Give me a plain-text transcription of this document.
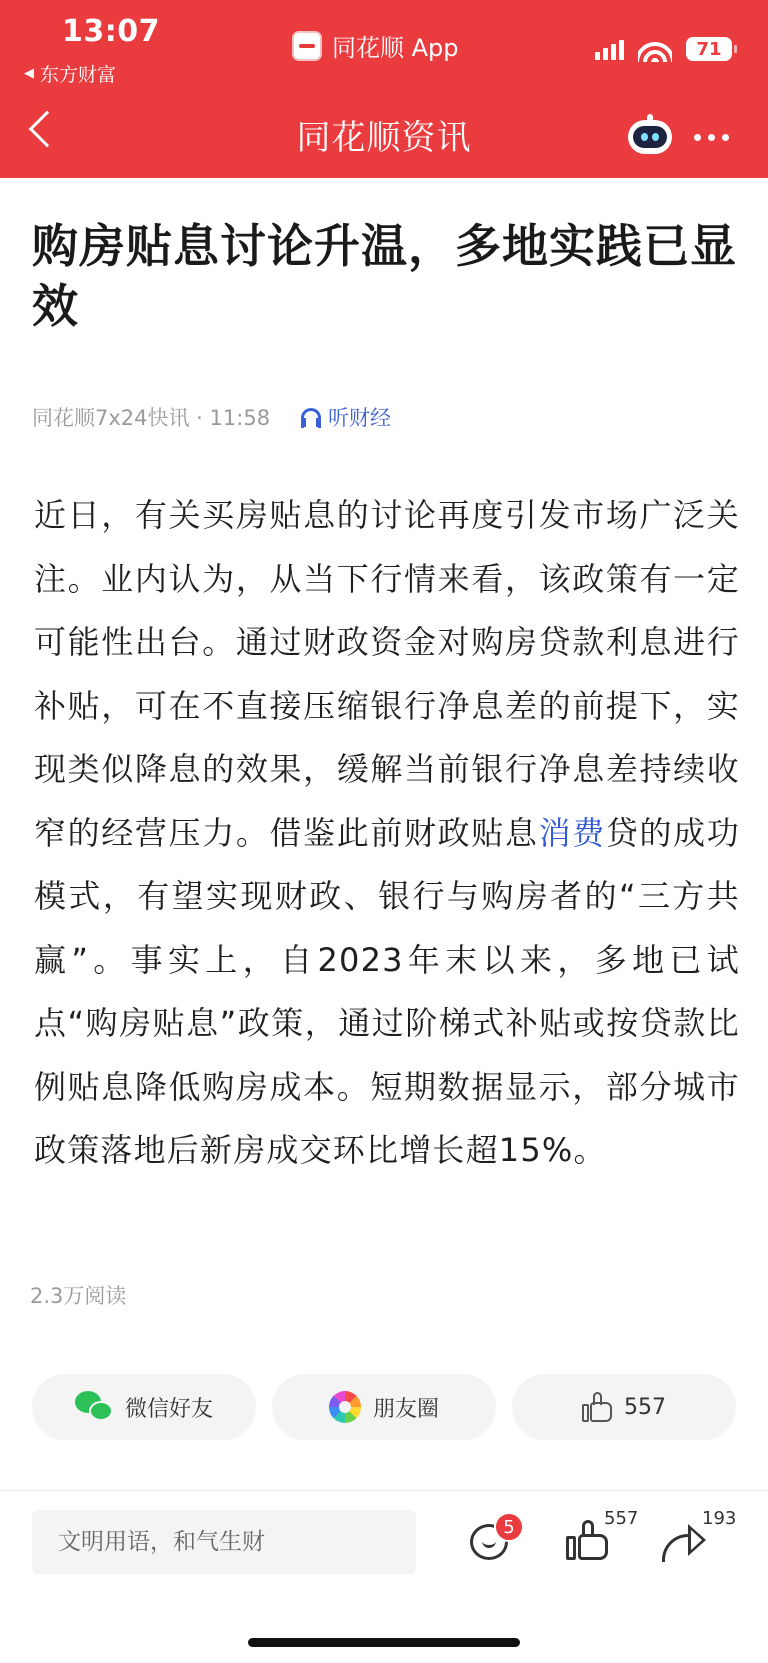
13:07
◀ 东方财富
同花顺 App	71
同花顺资讯
购房贴息讨论升温，多地实践已显效
同花顺7x24快讯 · 11:58	听财经

近日，有关买房贴息的讨论再度引发市场广泛关注。业内认为，从当下行情来看，该政策有一定可能性出台。通过财政资金对购房贷款利息进行补贴，可在不直接压缩银行净息差的前提下，实现类似降息的效果，缓解当前银行净息差持续收窄的经营压力。借鉴此前财政贴息消费贷的成功模式，有望实现财政、银行与购房者的“三方共赢”。事实上，自2023年末以来，多地已试点“购房贴息”政策，通过阶梯式补贴或按贷款比例贴息降低购房成本。短期数据显示，部分城市政策落地后新房成交环比增长超15%。

2.3万阅读
微信好友	朋友圈	557
文明用语，和气生财
5	557	193
